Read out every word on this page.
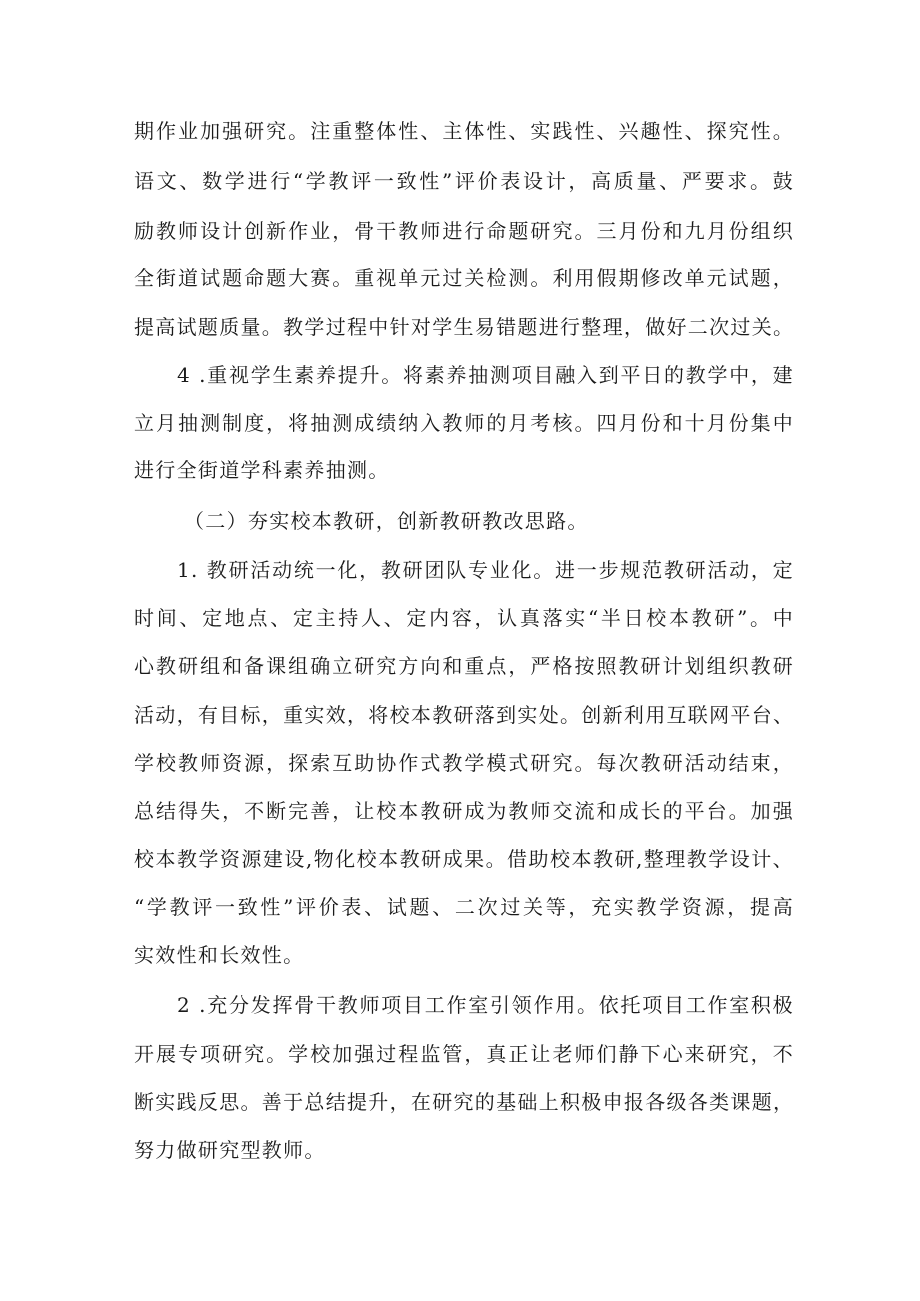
期作业加强研究。注重整体性、主体性、实践性、兴趣性、探究性。
语文、数学进行“学教评一致性”评价表设计，高质量、严要求。鼓
励教师设计创新作业，骨干教师进行命题研究。三月份和九月份组织
全街道试题命题大赛。重视单元过关检测。利用假期修改单元试题，
提高试题质量。教学过程中针对学生易错题进行整理，做好二次过关。
4 .重视学生素养提升。将素养抽测项目融入到平日的教学中，建
立月抽测制度，将抽测成绩纳入教师的月考核。四月份和十月份集中
进行全街道学科素养抽测。
（二）夯实校本教研，创新教研教改思路。
1. 教研活动统一化，教研团队专业化。进一步规范教研活动，定
时间、定地点、定主持人、定内容，认真落实“半日校本教研”。中
心教研组和备课组确立研究方向和重点，严格按照教研计划组织教研
活动，有目标，重实效，将校本教研落到实处。创新利用互联网平台、
学校教师资源，探索互助协作式教学模式研究。每次教研活动结束，
总结得失，不断完善，让校本教研成为教师交流和成长的平台。加强
校本教学资源建设,物化校本教研成果。借助校本教研,整理教学设计、
“学教评一致性”评价表、试题、二次过关等，充实教学资源，提高
实效性和长效性。
2 .充分发挥骨干教师项目工作室引领作用。依托项目工作室积极
开展专项研究。学校加强过程监管，真正让老师们静下心来研究，不
断实践反思。善于总结提升，在研究的基础上积极申报各级各类课题，
努力做研究型教师。
